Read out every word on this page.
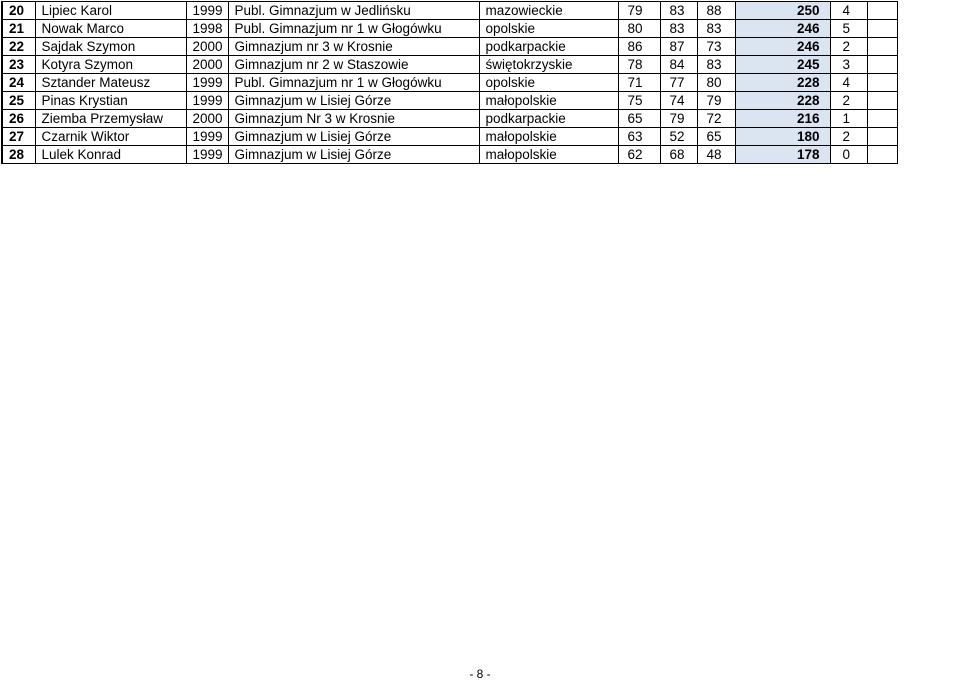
20	Lipiec Karol	1999	Publ. Gimnazjum w Jedlińsku	mazowieckie	79	83	88	250	4	
21	Nowak Marco	1998	Publ. Gimnazjum nr 1 w Głogówku	opolskie	80	83	83	246	5	
22	Sajdak Szymon	2000	Gimnazjum nr 3 w Krosnie	podkarpackie	86	87	73	246	2	
23	Kotyra Szymon	2000	Gimnazjum nr 2 w Staszowie	świętokrzyskie	78	84	83	245	3	
24	Sztander Mateusz	1999	Publ. Gimnazjum nr 1 w Głogówku	opolskie	71	77	80	228	4	
25	Pinas Krystian	1999	Gimnazjum w Lisiej Górze	małopolskie	75	74	79	228	2	
26	Ziemba Przemysław	2000	Gimnazjum Nr 3 w Krosnie	podkarpackie	65	79	72	216	1	
27	Czarnik Wiktor	1999	Gimnazjum w Lisiej Górze	małopolskie	63	52	65	180	2	
28	Lulek Konrad	1999	Gimnazjum w Lisiej Górze	małopolskie	62	68	48	178	0	
- 8 -
